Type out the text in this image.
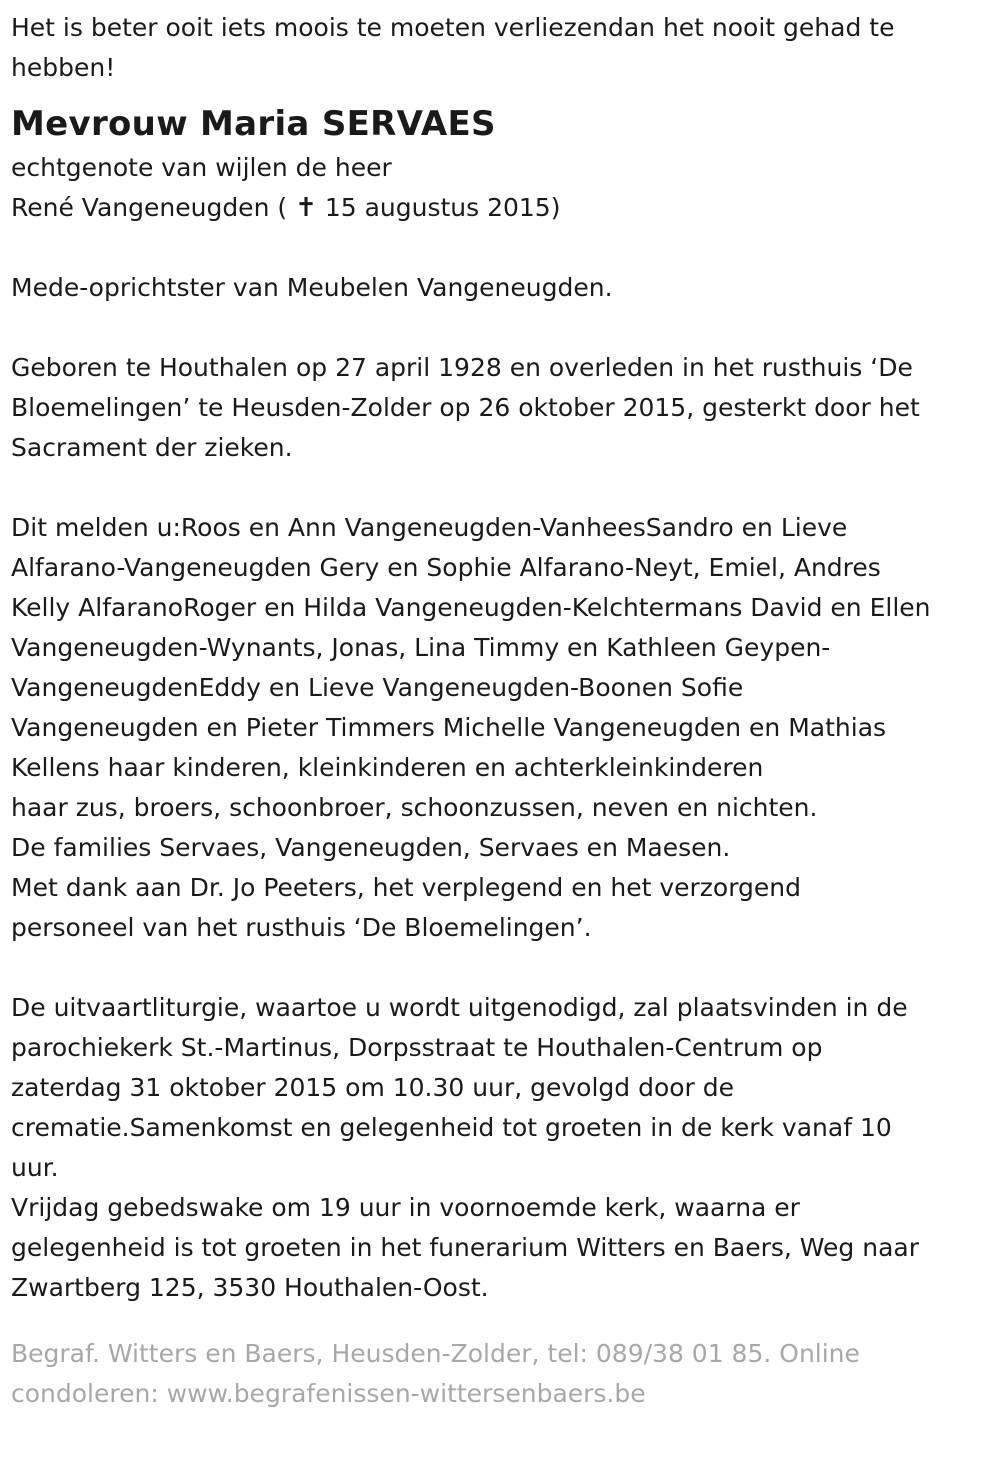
Het is beter ooit iets moois te moeten verliezendan het nooit gehad te
hebben!
Mevrouw Maria SERVAES
echtgenote van wijlen de heer
René Vangeneugden ( ✝ 15 augustus 2015)
Mede-oprichtster van Meubelen Vangeneugden.
Geboren te Houthalen op 27 april 1928 en overleden in het rusthuis ‘De
Bloemelingen’ te Heusden-Zolder op 26 oktober 2015, gesterkt door het
Sacrament der zieken.
Dit melden u:Roos en Ann Vangeneugden-VanheesSandro en Lieve
Alfarano-Vangeneugden Gery en Sophie Alfarano-Neyt, Emiel, Andres
Kelly AlfaranoRoger en Hilda Vangeneugden-Kelchtermans David en Ellen
Vangeneugden-Wynants, Jonas, Lina Timmy en Kathleen Geypen-
VangeneugdenEddy en Lieve Vangeneugden-Boonen Sofie
Vangeneugden en Pieter Timmers Michelle Vangeneugden en Mathias
Kellens haar kinderen, kleinkinderen en achterkleinkinderen
haar zus, broers, schoonbroer, schoonzussen, neven en nichten.
De families Servaes, Vangeneugden, Servaes en Maesen.
Met dank aan Dr. Jo Peeters, het verplegend en het verzorgend
personeel van het rusthuis ‘De Bloemelingen’.
De uitvaartliturgie, waartoe u wordt uitgenodigd, zal plaatsvinden in de
parochiekerk St.-Martinus, Dorpsstraat te Houthalen-Centrum op
zaterdag 31 oktober 2015 om 10.30 uur, gevolgd door de
crematie.Samenkomst en gelegenheid tot groeten in de kerk vanaf 10
uur.
Vrijdag gebedswake om 19 uur in voornoemde kerk, waarna er
gelegenheid is tot groeten in het funerarium Witters en Baers, Weg naar
Zwartberg 125, 3530 Houthalen-Oost.
Begraf. Witters en Baers, Heusden-Zolder, tel: 089/38 01 85. Online
condoleren: www.begrafenissen-wittersenbaers.be
